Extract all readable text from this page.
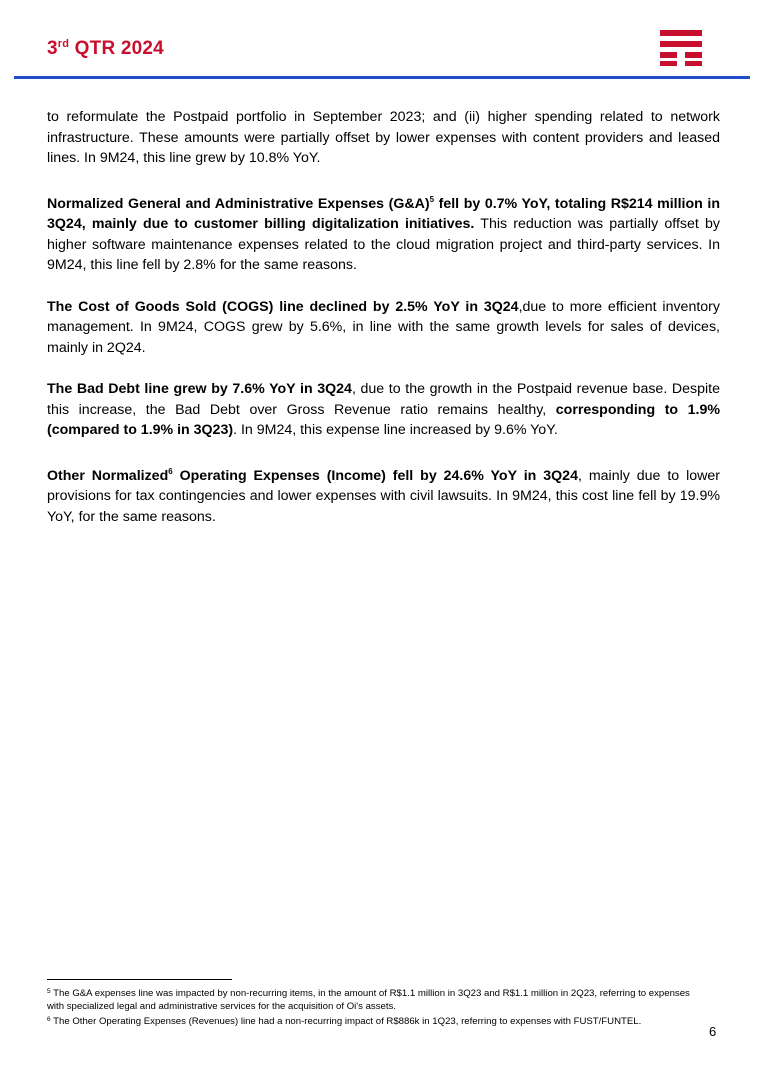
3rd QTR 2024

to reformulate the Postpaid portfolio in September 2023; and (ii) higher spending related to network infrastructure. These amounts were partially offset by lower expenses with content providers and leased lines. In 9M24, this line grew by 10.8% YoY.

Normalized General and Administrative Expenses (G&A)$^5$ fell by 0.7% YoY, totaling R$214 million in 3Q24, mainly due to customer billing digitalization initiatives. This reduction was partially offset by higher software maintenance expenses related to the cloud migration project and third-party services. In 9M24, this line fell by 2.8% for the same reasons.

The Cost of Goods Sold (COGS) line declined by 2.5% YoY in 3Q24,due to more efficient inventory management. In 9M24, COGS grew by 5.6%, in line with the same growth levels for sales of devices, mainly in 2Q24.

The Bad Debt line grew by 7.6% YoY in 3Q24, due to the growth in the Postpaid revenue base. Despite this increase, the Bad Debt over Gross Revenue ratio remains healthy, corresponding to 1.9% (compared to 1.9% in 3Q23). In 9M24, this expense line increased by 9.6% YoY.

Other Normalized$^6$ Operating Expenses (Income) fell by 24.6% YoY in 3Q24, mainly due to lower provisions for tax contingencies and lower expenses with civil lawsuits. In 9M24, this cost line fell by 19.9% YoY, for the same reasons.

$^5$ The G&A expenses line was impacted by non-recurring items, in the amount of R$1.1 million in 3Q23 and R$1.1 million in 2Q23, referring to expenses with specialized legal and administrative services for the acquisition of Oi's assets.

$^6$ The Other Operating Expenses (Revenues) line had a non-recurring impact of R$886k in 1Q23, referring to expenses with FUST/FUNTEL.

6
